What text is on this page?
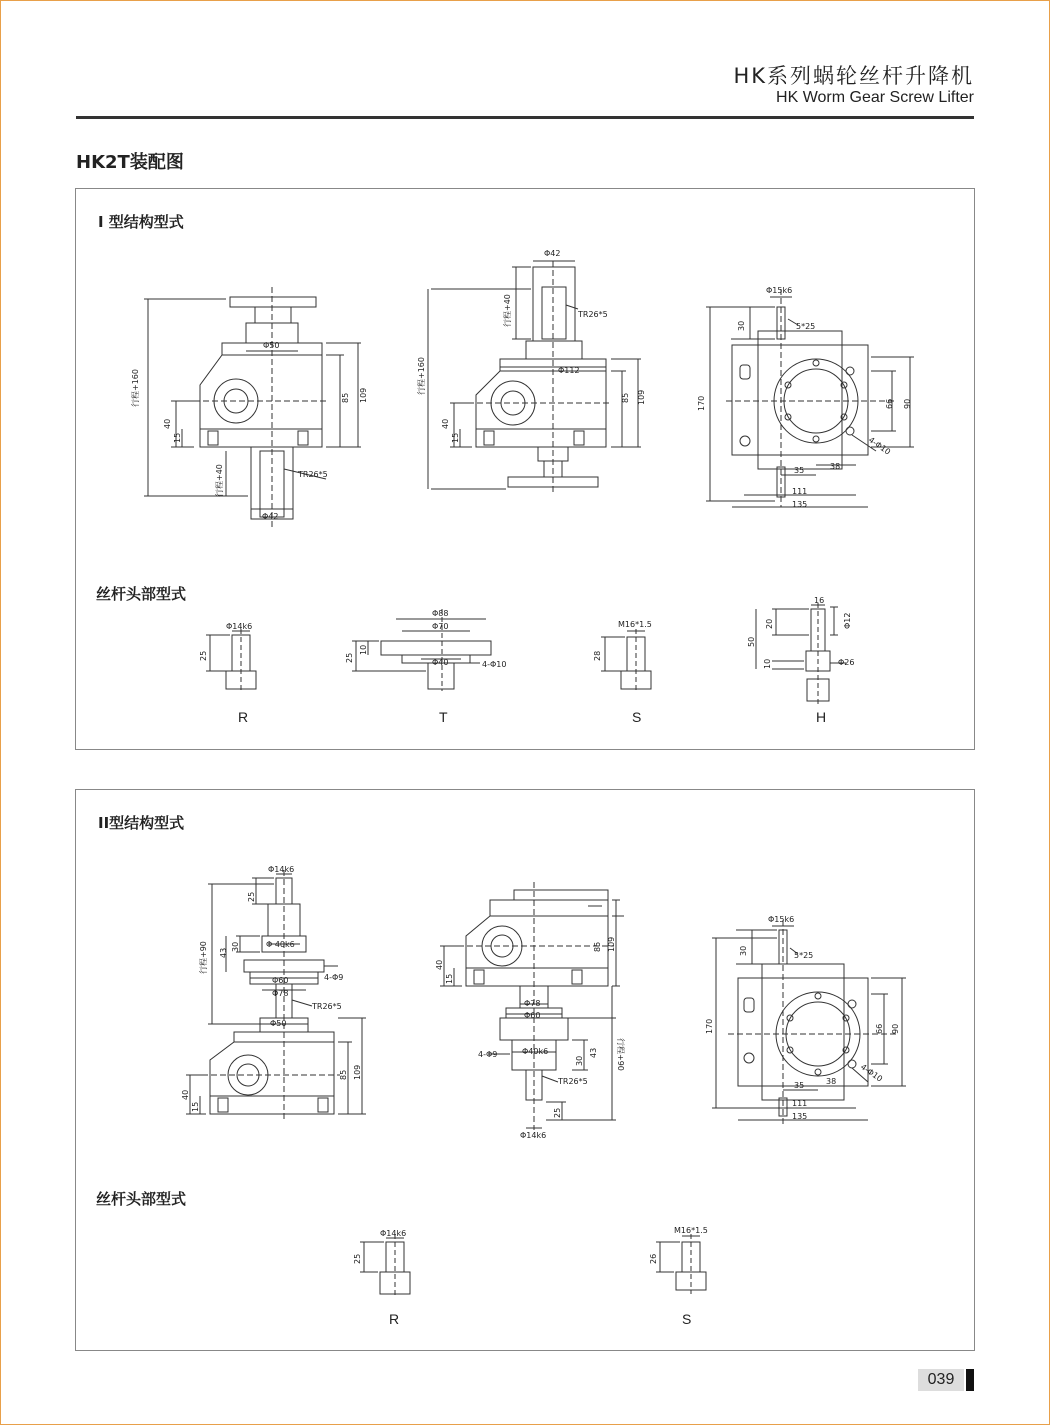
HK系列蜗轮丝杆升降机
HK Worm Gear Screw Lifter
HK2T装配图
I 型结构型式
行程+160
Φ50
85 109
40
15
行程+40	TR26*5
Φ42
Φ42
行程+40	TR26*5
行程+160	Φ112
85 109
40
15
Φ15k6
30	5*25
170	66 90
4-Φ10
35	38
111
135
Φ14k6
25
Φ88
Φ70
Φ40	4-Φ10
25
10
M16*1.5
28
16
Φ12
20
50
10	Φ26
丝杆头部型式
R	T	S	H
II型结构型式
Φ14k6
25
30
43
行程+90	Φ 40k6
Φ60	4-Φ9
Φ78
TR26*5
Φ50
85 109
40
15
85 109
40
15
Φ78
Φ60
4-Φ9	Φ40k6
30
43 行程+90
TR26*5
25
Φ14k6
Φ15k6
30	5*25
170	66 90
4-Φ10
35	38
111
135
Φ14k6
25
M16*1.5
26
丝杆头部型式
R	S
039
